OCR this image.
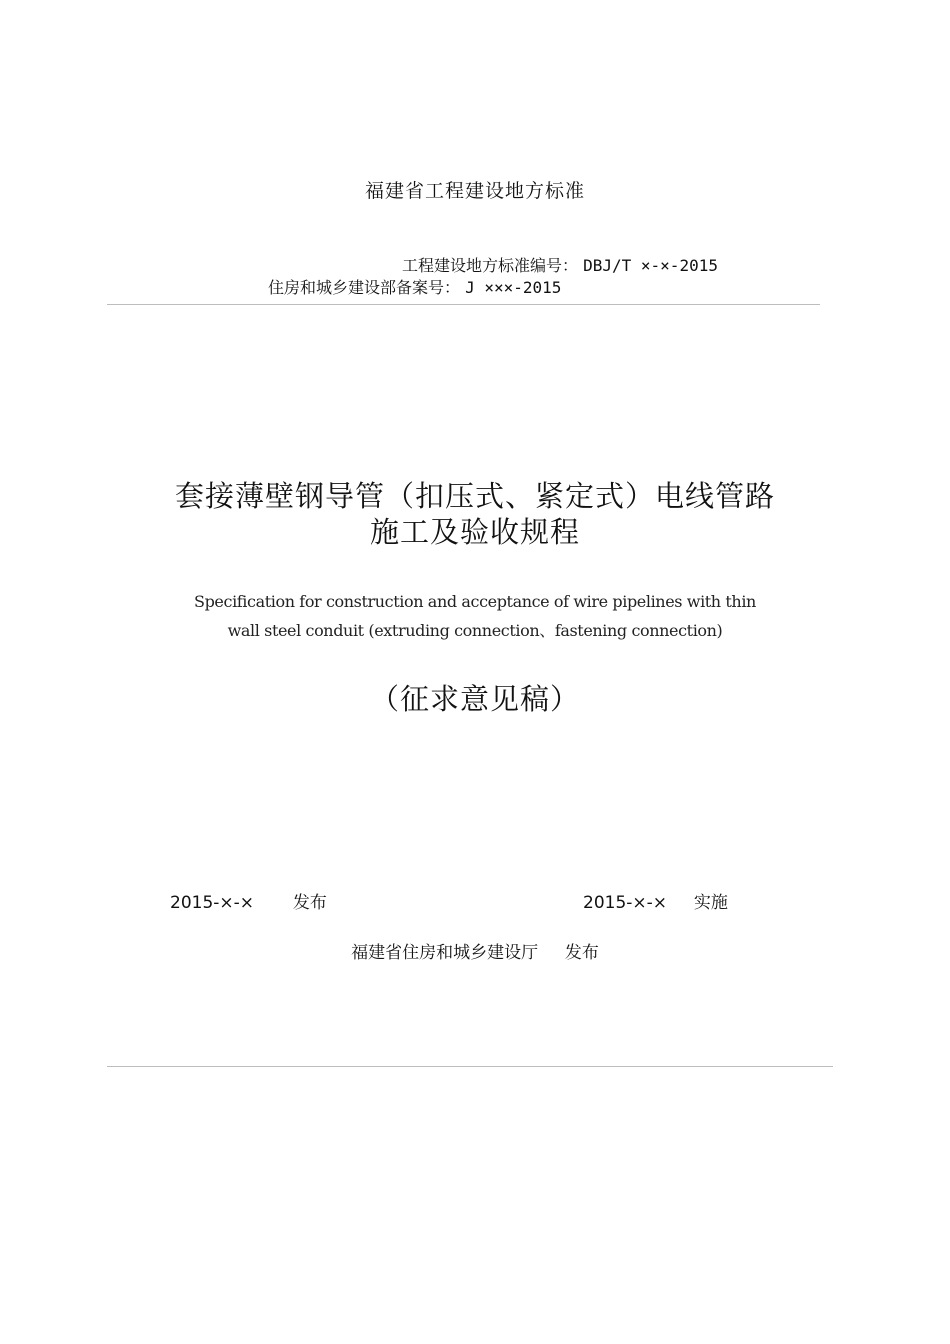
福建省工程建设地方标准
工程建设地方标准编号： DBJ/T ×-×-2015
住房和城乡建设部备案号： J ×××-2015
套接薄壁钢导管（扣压式、紧定式）电线管路
施工及验收规程
Specification for construction and acceptance of wire pipelines with thin
wall steel conduit (extruding connection、fastening connection)
（征求意见稿）
2015-×-× 发布	2015-×-× 实施
福建省住房和城乡建设厅 发布
